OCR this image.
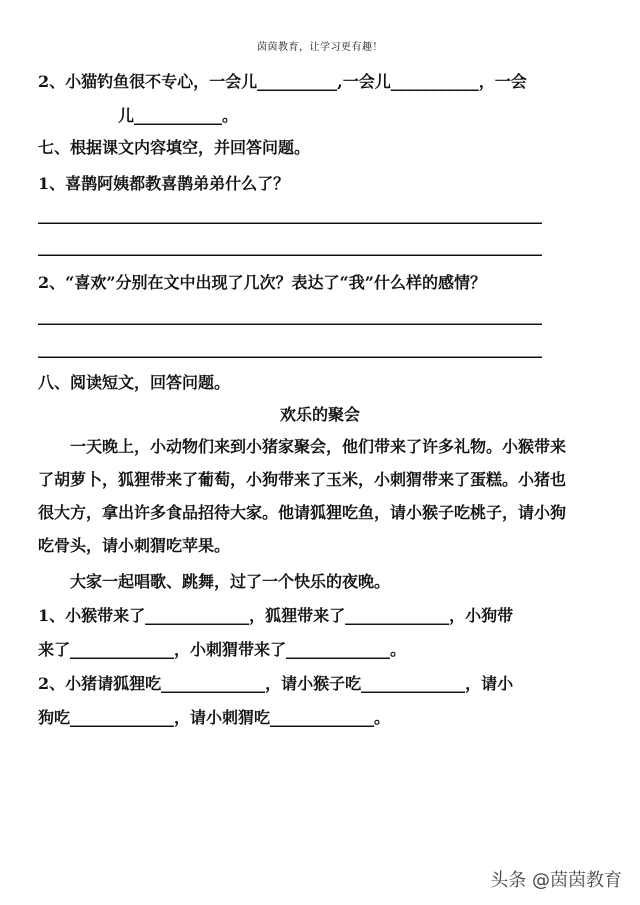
茵茵教育，让学习更有趣！
2、小猫钓鱼很不专心，一会儿__________,一会儿___________，一会
儿___________。
七、根据课文内容填空，并回答问题。
1、喜鹊阿姨都教喜鹊弟弟什么了？
_______________________________________________________________
_______________________________________________________________
2、“喜欢”分别在文中出现了几次？表达了“我”什么样的感情？
_______________________________________________________________
_______________________________________________________________
八、阅读短文，回答问题。
欢乐的聚会
一天晚上，小动物们来到小猪家聚会，他们带来了许多礼物。小猴带来
了胡萝卜，狐狸带来了葡萄，小狗带来了玉米，小刺猬带来了蛋糕。小猪也
很大方，拿出许多食品招待大家。他请狐狸吃鱼，请小猴子吃桃子，请小狗
吃骨头，请小刺猬吃苹果。
大家一起唱歌、跳舞，过了一个快乐的夜晚。
1、小猴带来了_____________，狐狸带来了_____________，小狗带
来了_____________，小刺猬带来了_____________。
2、小猪请狐狸吃_____________，请小猴子吃_____________，请小
狗吃_____________，请小刺猬吃_____________。
头条 @茵茵教育
